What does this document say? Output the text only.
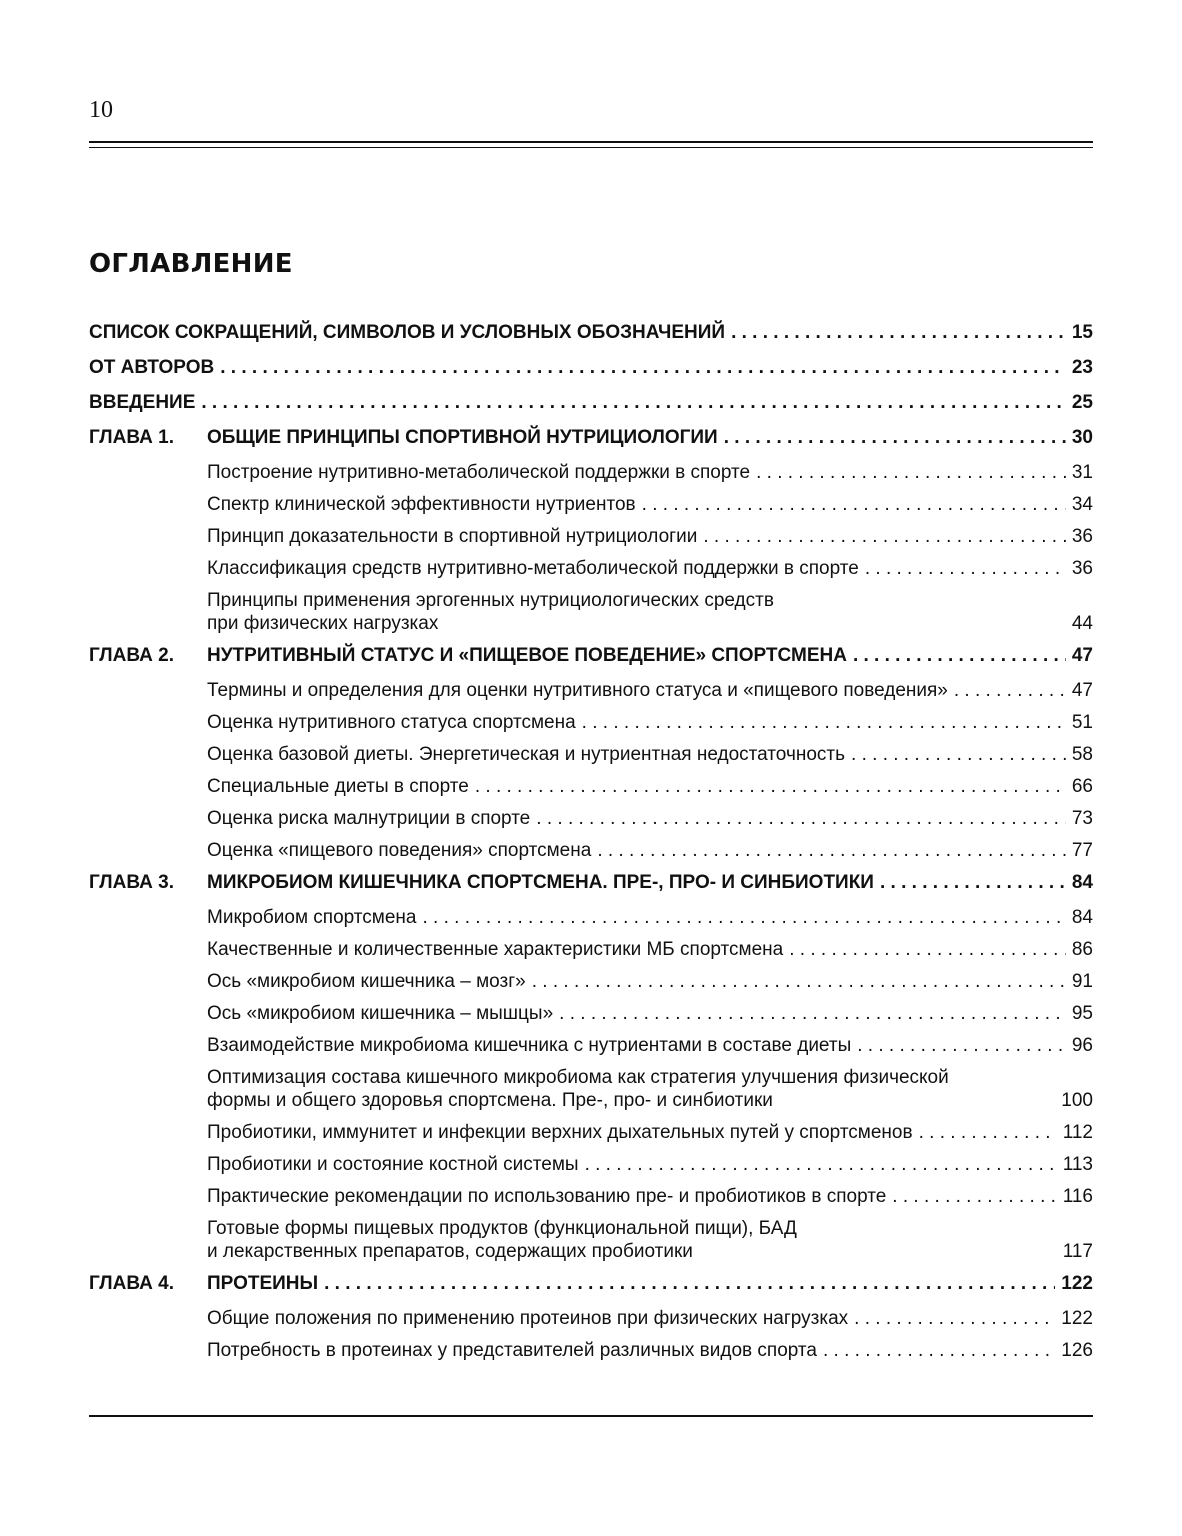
10
ОГЛАВЛЕНИЕ
СПИСОК СОКРАЩЕНИЙ, СИМВОЛОВ И УСЛОВНЫХ ОБОЗНАЧЕНИЙ . . .	15
ОТ АВТОРОВ . . .	23
ВВЕДЕНИЕ . . .	25
ГЛАВА 1.	ОБЩИЕ ПРИНЦИПЫ СПОРТИВНОЙ НУТРИЦИОЛОГИИ . . .	30
Построение нутритивно-метаболической поддержки в спорте . . .	31
Спектр клинической эффективности нутриентов . . .	34
Принцип доказательности в спортивной нутрициологии . . .	36
Классификация средств нутритивно-метаболической поддержки в спорте . . .	36
Принципы применения эргогенных нутрициологических средств
при физических нагрузках	44
ГЛАВА 2.	НУТРИТИВНЫЙ СТАТУС И «ПИЩЕВОЕ ПОВЕДЕНИЕ» СПОРТСМЕНА . . .	47
Термины и определения для оценки нутритивного статуса и «пищевого поведения» . . .	47
Оценка нутритивного статуса спортсмена . . .	51
Оценка базовой диеты. Энергетическая и нутриентная недостаточность . . .	58
Специальные диеты в спорте . . .	66
Оценка риска малнутриции в спорте . . .	73
Оценка «пищевого поведения» спортсмена . . .	77
ГЛАВА 3.	МИКРОБИОМ КИШЕЧНИКА СПОРТСМЕНА. ПРЕ-, ПРО- И СИНБИОТИКИ . . .	84
Микробиом спортсмена . . .	84
Качественные и количественные характеристики МБ спортсмена . . .	86
Ось «микробиом кишечника – мозг» . . .	91
Ось «микробиом кишечника – мышцы» . . .	95
Взаимодействие микробиома кишечника с нутриентами в составе диеты . . .	96
Оптимизация состава кишечного микробиома как стратегия улучшения физической
формы и общего здоровья спортсмена. Пре-, про- и синбиотики	100
Пробиотики, иммунитет и инфекции верхних дыхательных путей у спортсменов . . .	112
Пробиотики и состояние костной системы . . .	113
Практические рекомендации по использованию пре- и пробиотиков в спорте . . .	116
Готовые формы пищевых продуктов (функциональной пищи), БАД
и лекарственных препаратов, содержащих пробиотики	117
ГЛАВА 4.	ПРОТЕИНЫ . . .	122
Общие положения по применению протеинов при физических нагрузках . . .	122
Потребность в протеинах у представителей различных видов спорта . . .	126
